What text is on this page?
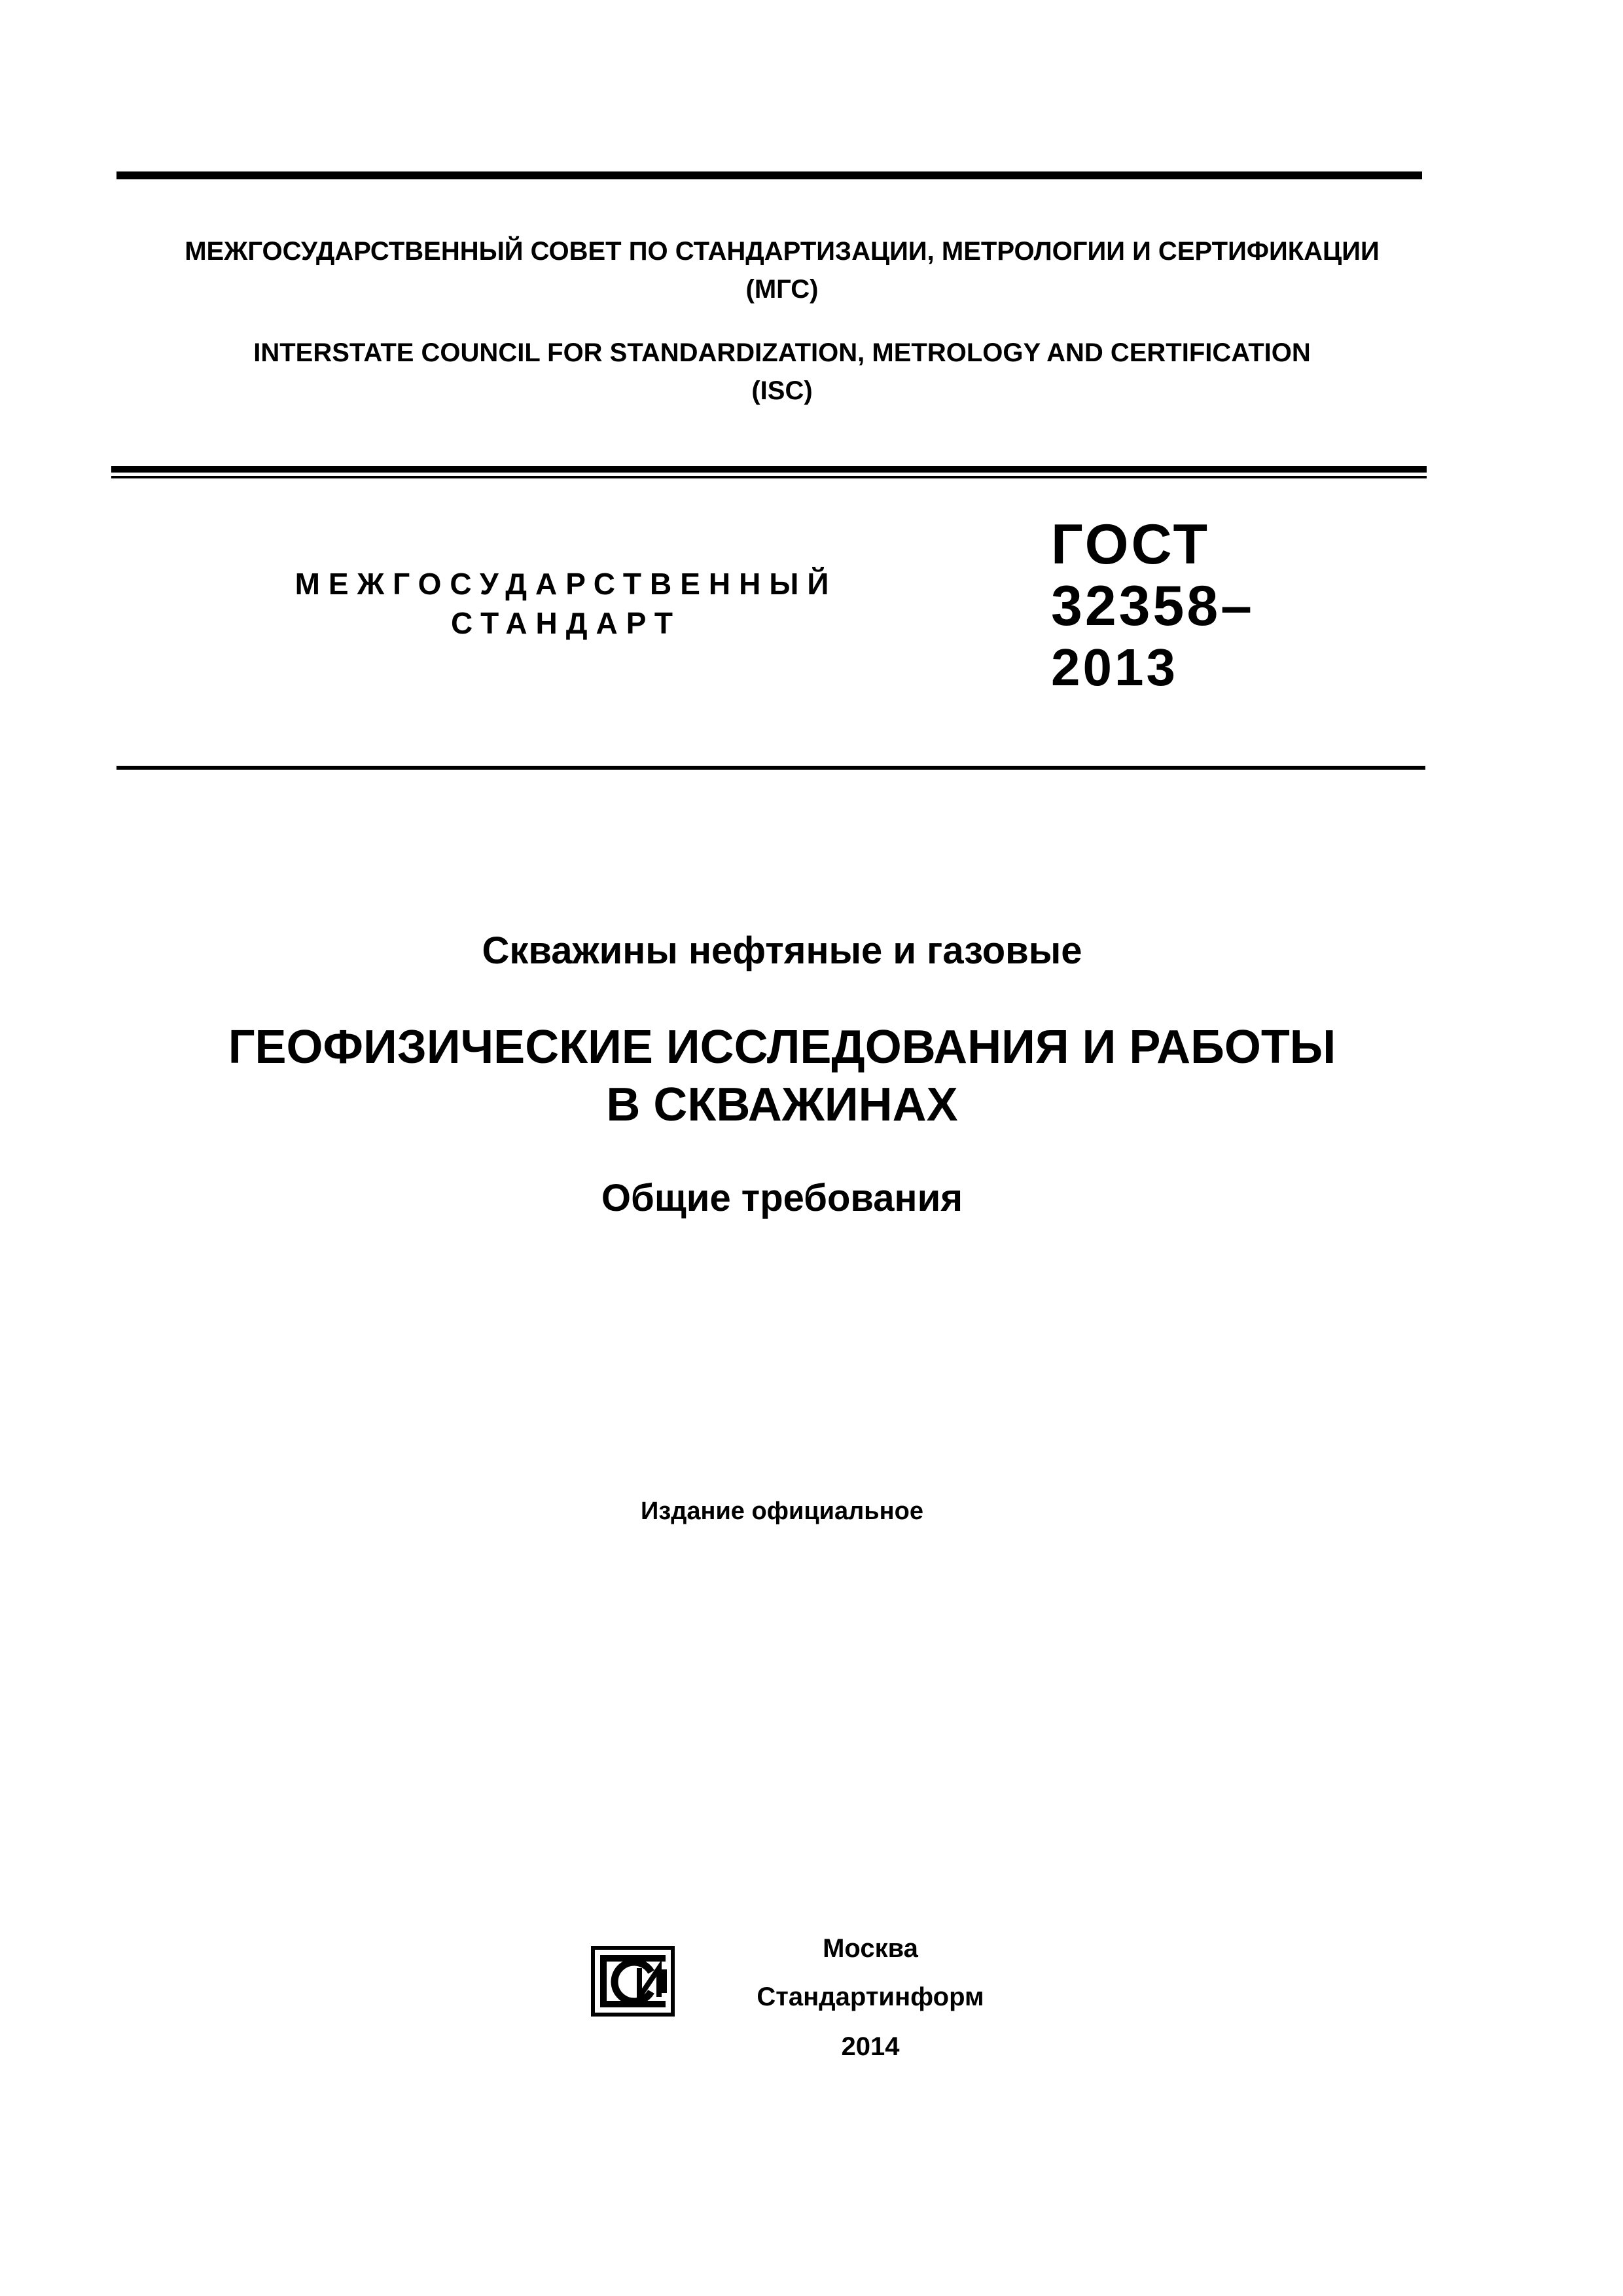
МЕЖГОСУДАРСТВЕННЫЙ СОВЕТ ПО СТАНДАРТИЗАЦИИ, МЕТРОЛОГИИ И СЕРТИФИКАЦИИ
(МГС)
INTERSTATE COUNCIL FOR STANDARDIZATION, METROLOGY AND CERTIFICATION
(ISC)
МЕЖГОСУДАРСТВЕННЫЙ
СТАНДАРТ
ГОСТ
32358–
2013
Скважины нефтяные и газовые
ГЕОФИЗИЧЕСКИЕ ИССЛЕДОВАНИЯ И РАБОТЫ
В СКВАЖИНАХ
Общие требования
Издание официальное
Москва
Стандартинформ
2014
